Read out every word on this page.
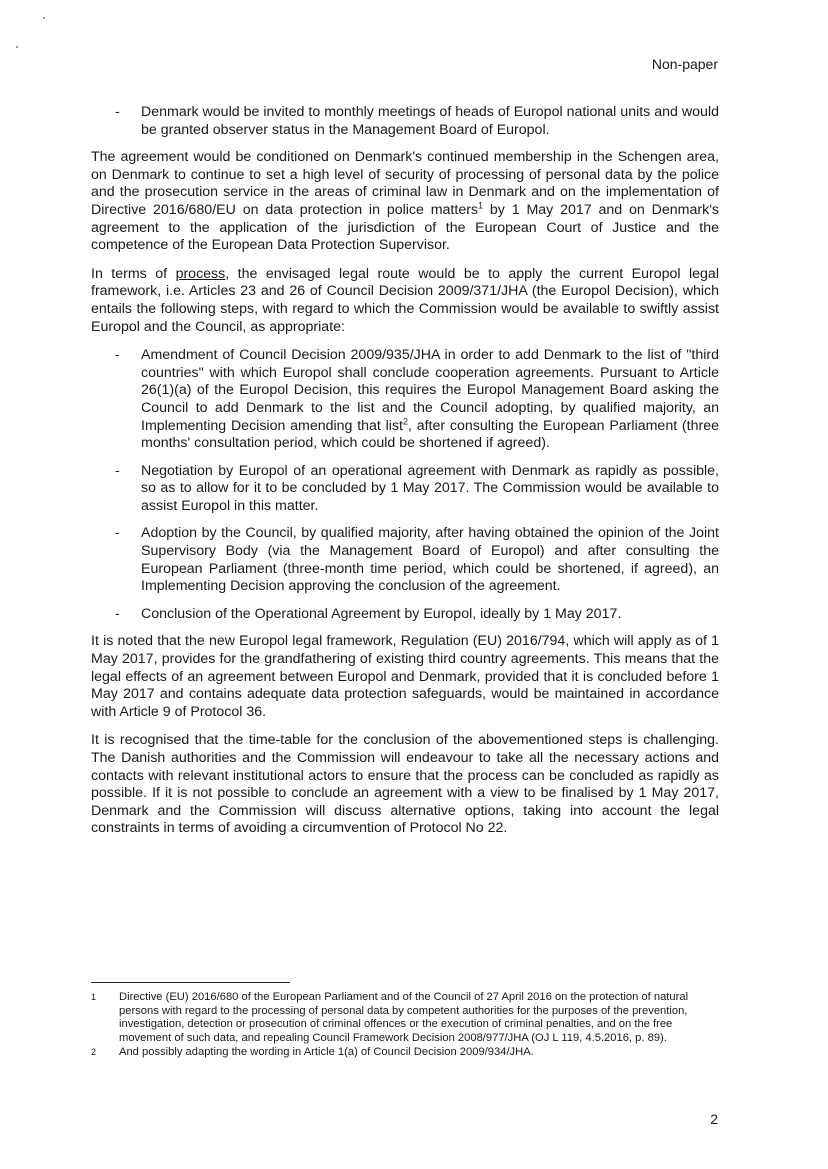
Non-paper
- Denmark would be invited to monthly meetings of heads of Europol national units and would be granted observer status in the Management Board of Europol.

The agreement would be conditioned on Denmark's continued membership in the Schengen area, on Denmark to continue to set a high level of security of processing of personal data by the police and the prosecution service in the areas of criminal law in Denmark and on the implementation of Directive 2016/680/EU on data protection in police matters$^1$ by 1 May 2017 and on Denmark's agreement to the application of the jurisdiction of the European Court of Justice and the competence of the European Data Protection Supervisor.

In terms of process, the envisaged legal route would be to apply the current Europol legal framework, i.e. Articles 23 and 26 of Council Decision 2009/371/JHA (the Europol Decision), which entails the following steps, with regard to which the Commission would be available to swiftly assist Europol and the Council, as appropriate:

- Amendment of Council Decision 2009/935/JHA in order to add Denmark to the list of "third countries" with which Europol shall conclude cooperation agreements. Pursuant to Article 26(1)(a) of the Europol Decision, this requires the Europol Management Board asking the Council to add Denmark to the list and the Council adopting, by qualified majority, an Implementing Decision amending that list$^2$, after consulting the European Parliament (three months' consultation period, which could be shortened if agreed).
- Negotiation by Europol of an operational agreement with Denmark as rapidly as possible, so as to allow for it to be concluded by 1 May 2017. The Commission would be available to assist Europol in this matter.
- Adoption by the Council, by qualified majority, after having obtained the opinion of the Joint Supervisory Body (via the Management Board of Europol) and after consulting the European Parliament (three-month time period, which could be shortened, if agreed), an Implementing Decision approving the conclusion of the agreement.
- Conclusion of the Operational Agreement by Europol, ideally by 1 May 2017.

It is noted that the new Europol legal framework, Regulation (EU) 2016/794, which will apply as of 1 May 2017, provides for the grandfathering of existing third country agreements. This means that the legal effects of an agreement between Europol and Denmark, provided that it is concluded before 1 May 2017 and contains adequate data protection safeguards, would be maintained in accordance with Article 9 of Protocol 36.

It is recognised that the time-table for the conclusion of the abovementioned steps is challenging. The Danish authorities and the Commission will endeavour to take all the necessary actions and contacts with relevant institutional actors to ensure that the process can be concluded as rapidly as possible. If it is not possible to conclude an agreement with a view to be finalised by 1 May 2017, Denmark and the Commission will discuss alternative options, taking into account the legal constraints in terms of avoiding a circumvention of Protocol No 22.

1 Directive (EU) 2016/680 of the European Parliament and of the Council of 27 April 2016 on the protection of natural persons with regard to the processing of personal data by competent authorities for the purposes of the prevention, investigation, detection or prosecution of criminal offences or the execution of criminal penalties, and on the free movement of such data, and repealing Council Framework Decision 2008/977/JHA (OJ L 119, 4.5.2016, p. 89).
2 And possibly adapting the wording in Article 1(a) of Council Decision 2009/934/JHA.
2
